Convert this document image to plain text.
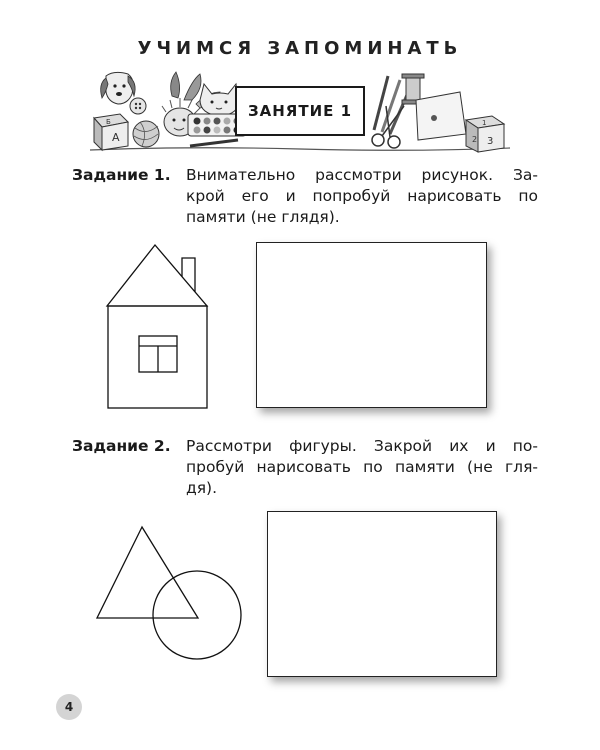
УЧИМСЯ ЗАПОМИНАТЬ
А
Б
3
2
1
ЗАНЯТИЕ 1
Задание 1. Внимательно рассмотри рисунок. За-
крой его и попробуй нарисовать по
памяти (не глядя).
Задание 2. Рассмотри фигуры. Закрой их и по-
пробуй нарисовать по памяти (не гля-
дя).
4
